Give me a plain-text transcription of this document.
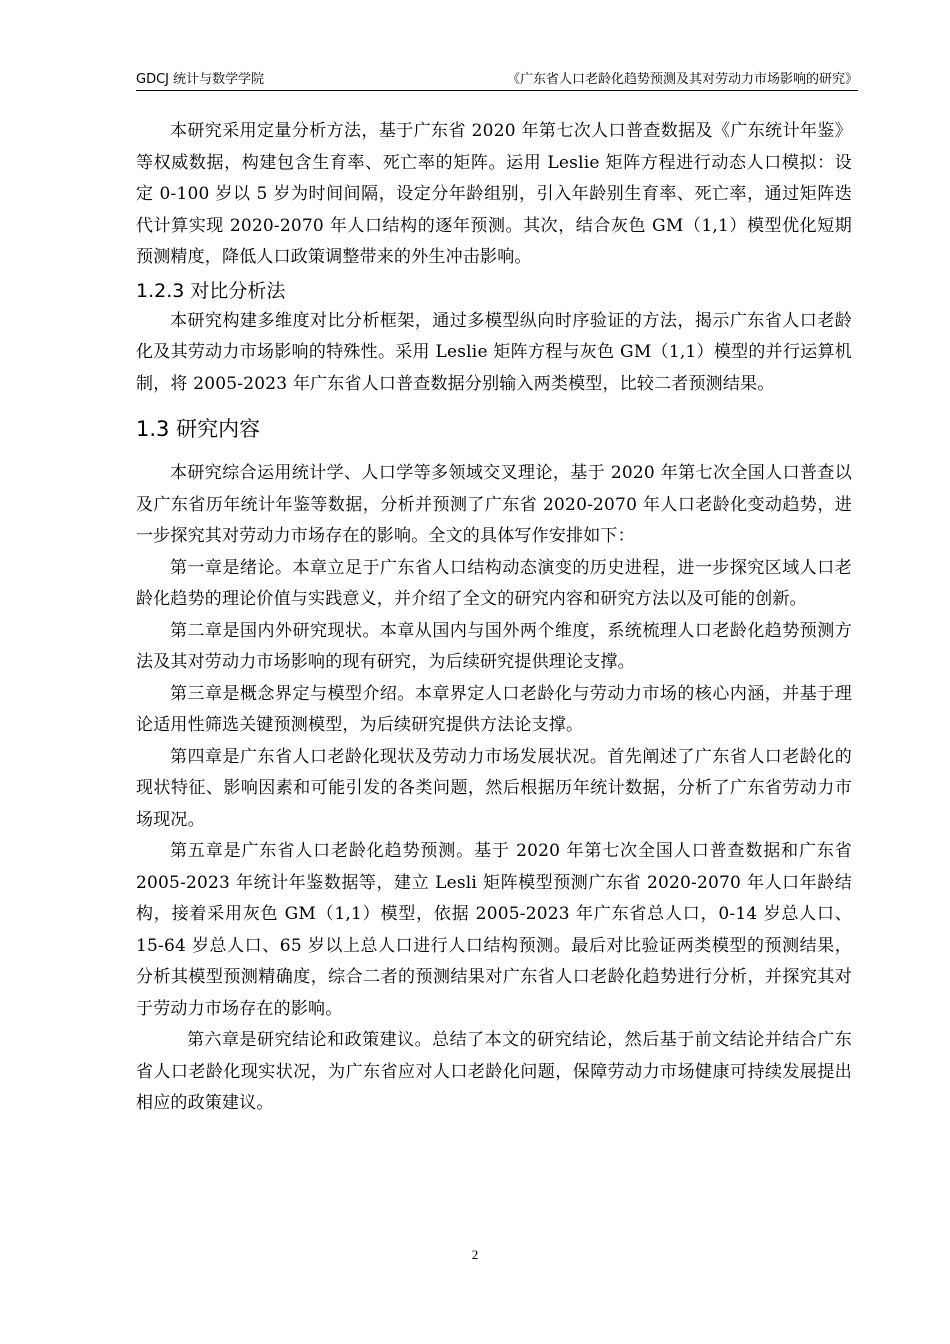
GDCJ 统计与数学学院	《广东省人口老龄化趋势预测及其对劳动力市场影响的研究》

本研究采用定量分析方法，基于广东省 2020 年第七次人口普查数据及《广东统计年鉴》等权威数据，构建包含生育率、死亡率的矩阵。运用 Leslie 矩阵方程进行动态人口模拟：设定 0-100 岁以 5 岁为时间间隔，设定分年龄组别，引入年龄别生育率、死亡率，通过矩阵迭代计算实现 2020-2070 年人口结构的逐年预测。其次，结合灰色 GM（1,1）模型优化短期预测精度，降低人口政策调整带来的外生冲击影响。

1.2.3 对比分析法

本研究构建多维度对比分析框架，通过多模型纵向时序验证的方法，揭示广东省人口老龄化及其劳动力市场影响的特殊性。采用 Leslie 矩阵方程与灰色 GM（1,1）模型的并行运算机制，将 2005-2023 年广东省人口普查数据分别输入两类模型，比较二者预测结果。

1.3 研究内容

本研究综合运用统计学、人口学等多领域交叉理论，基于 2020 年第七次全国人口普查以及广东省历年统计年鉴等数据，分析并预测了广东省 2020-2070 年人口老龄化变动趋势，进一步探究其对劳动力市场存在的影响。全文的具体写作安排如下：

第一章是绪论。本章立足于广东省人口结构动态演变的历史进程，进一步探究区域人口老龄化趋势的理论价值与实践意义，并介绍了全文的研究内容和研究方法以及可能的创新。

第二章是国内外研究现状。本章从国内与国外两个维度，系统梳理人口老龄化趋势预测方法及其对劳动力市场影响的现有研究，为后续研究提供理论支撑。

第三章是概念界定与模型介绍。本章界定人口老龄化与劳动力市场的核心内涵，并基于理论适用性筛选关键预测模型，为后续研究提供方法论支撑。

第四章是广东省人口老龄化现状及劳动力市场发展状况。首先阐述了广东省人口老龄化的现状特征、影响因素和可能引发的各类问题，然后根据历年统计数据，分析了广东省劳动力市场现况。

第五章是广东省人口老龄化趋势预测。基于 2020 年第七次全国人口普查数据和广东省 2005-2023 年统计年鉴数据等，建立 Lesli 矩阵模型预测广东省 2020-2070 年人口年龄结构，接着采用灰色 GM（1,1）模型，依据 2005-2023 年广东省总人口，0-14 岁总人口、15-64 岁总人口、65 岁以上总人口进行人口结构预测。最后对比验证两类模型的预测结果，分析其模型预测精确度，综合二者的预测结果对广东省人口老龄化趋势进行分析，并探究其对于劳动力市场存在的影响。

第六章是研究结论和政策建议。总结了本文的研究结论，然后基于前文结论并结合广东省人口老龄化现实状况，为广东省应对人口老龄化问题，保障劳动力市场健康可持续发展提出相应的政策建议。

2
